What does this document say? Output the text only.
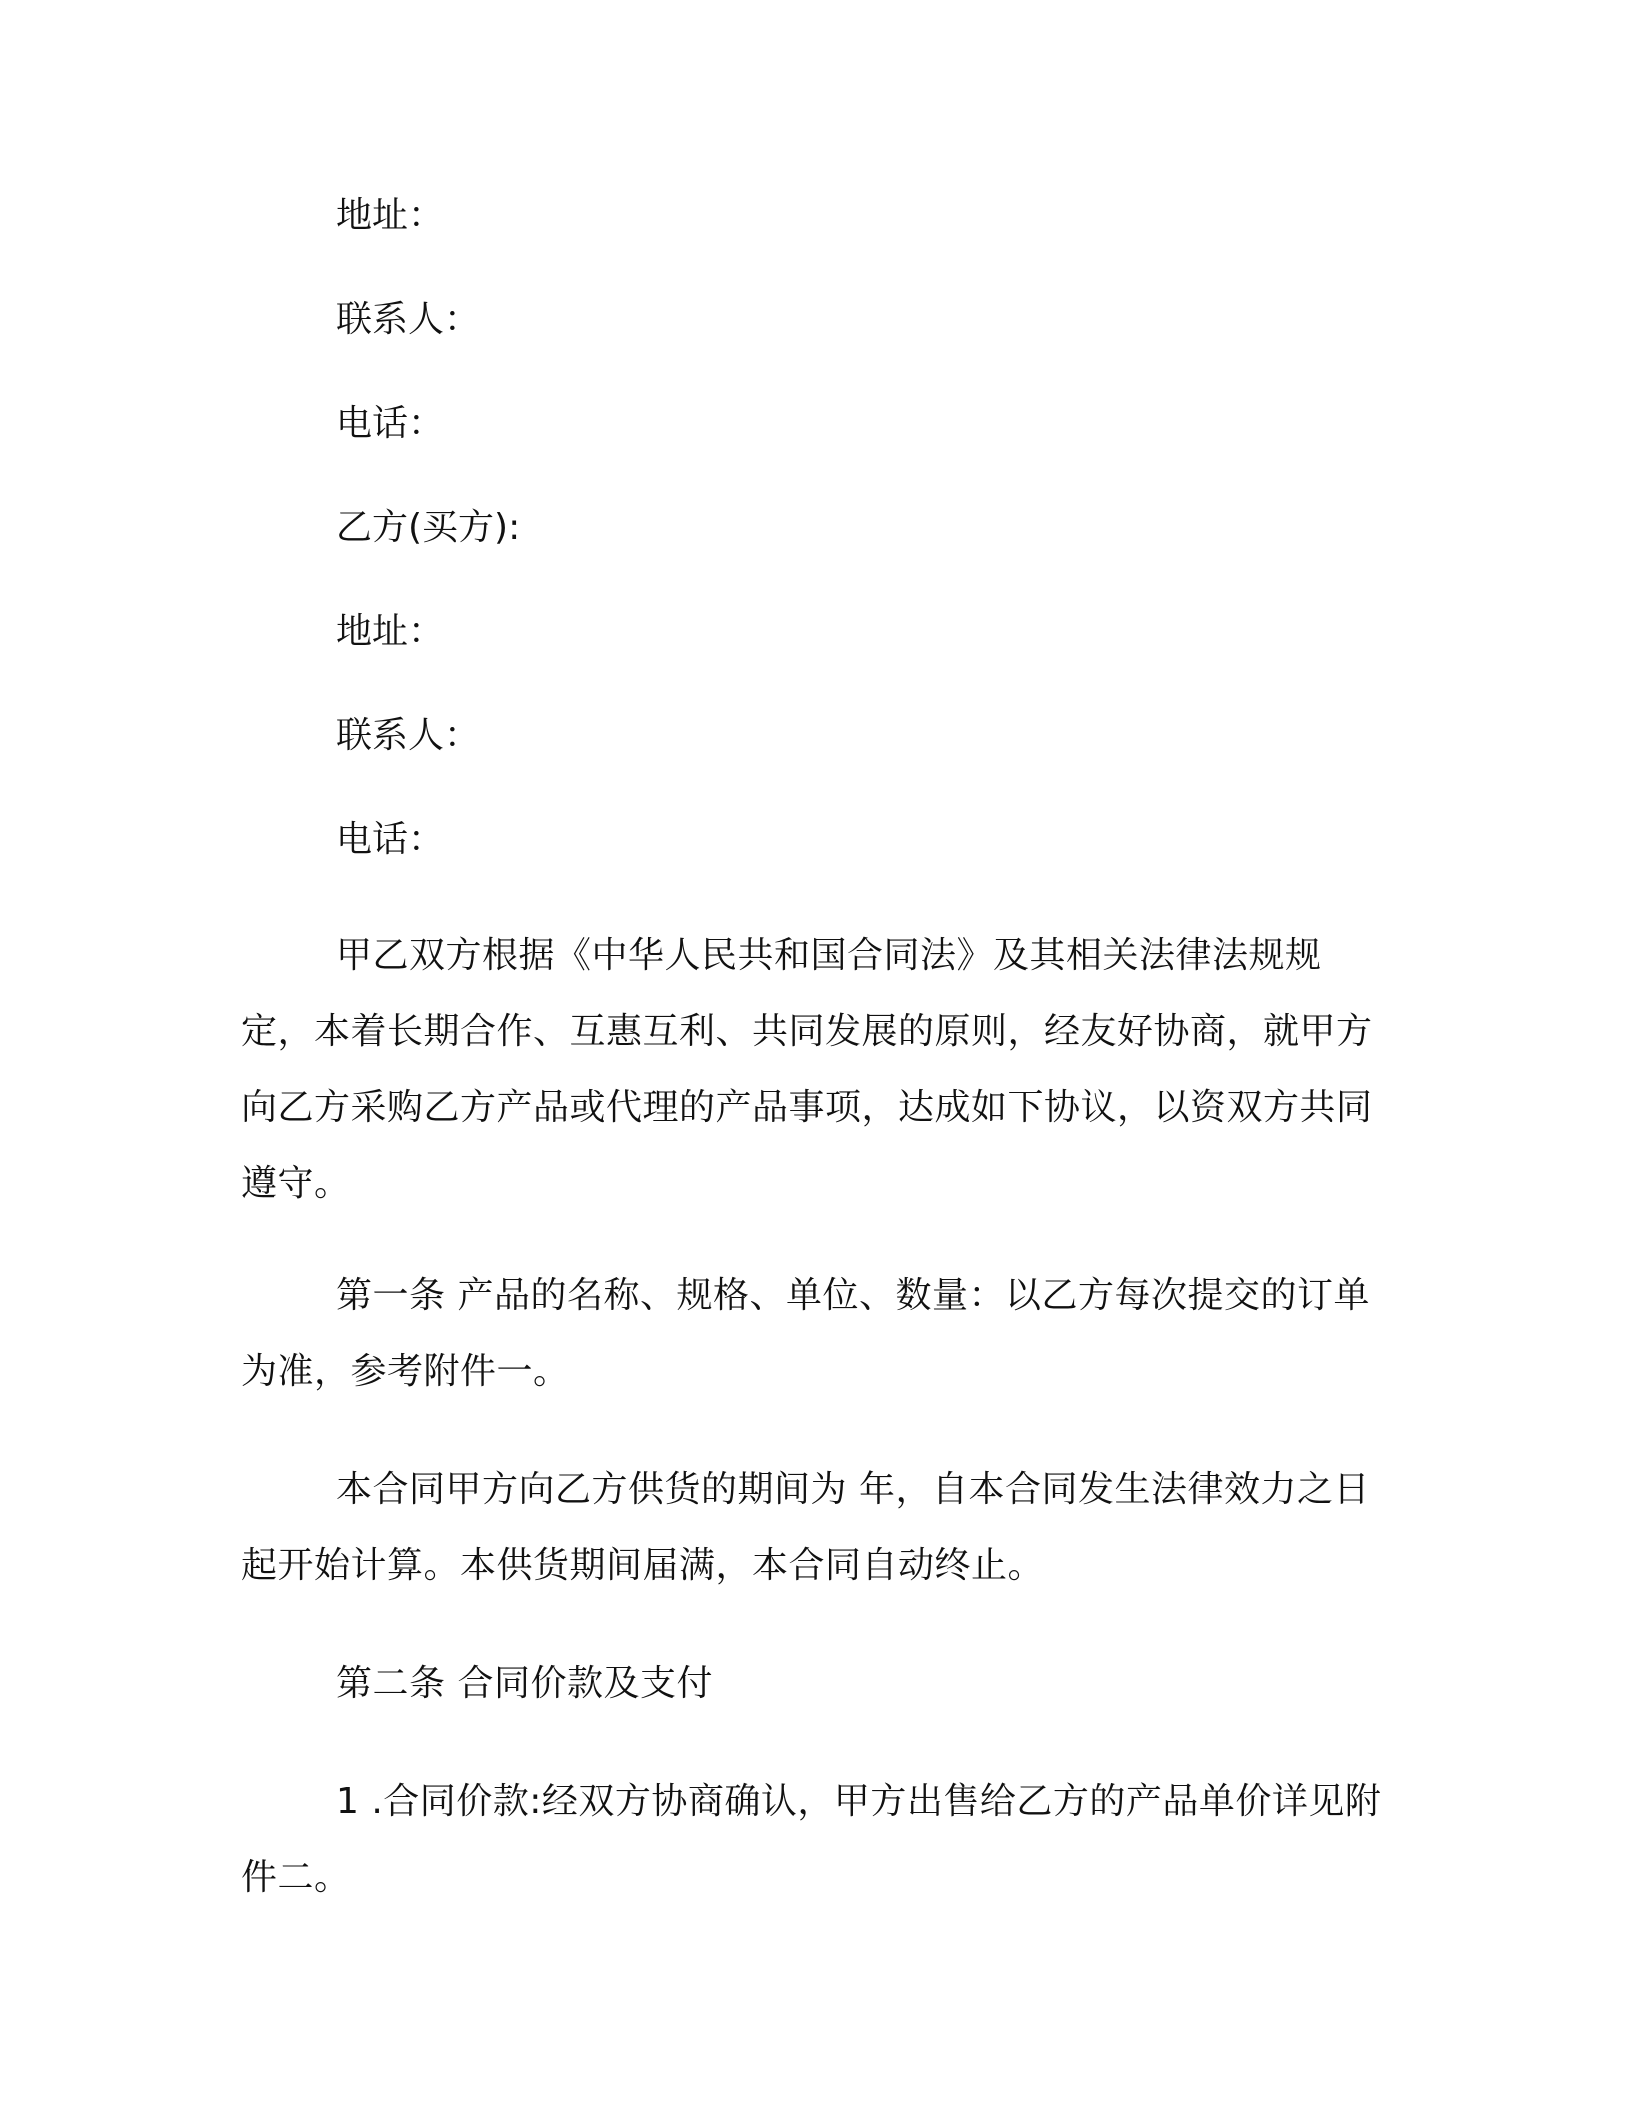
地址：
联系人：
电话：
乙方(买方):
地址：
联系人：
电话：

甲乙双方根据《中华人民共和国合同法》及其相关法律法规规定，本着长期合作、互惠互利、共同发展的原则，经友好协商，就甲方向乙方采购乙方产品或代理的产品事项，达成如下协议，以资双方共同遵守。

第一条 产品的名称、规格、单位、数量：以乙方每次提交的订单为准，参考附件一。

本合同甲方向乙方供货的期间为 年，自本合同发生法律效力之日起开始计算。本供货期间届满，本合同自动终止。

第二条 合同价款及支付

1 .合同价款:经双方协商确认，甲方出售给乙方的产品单价详见附件二。
